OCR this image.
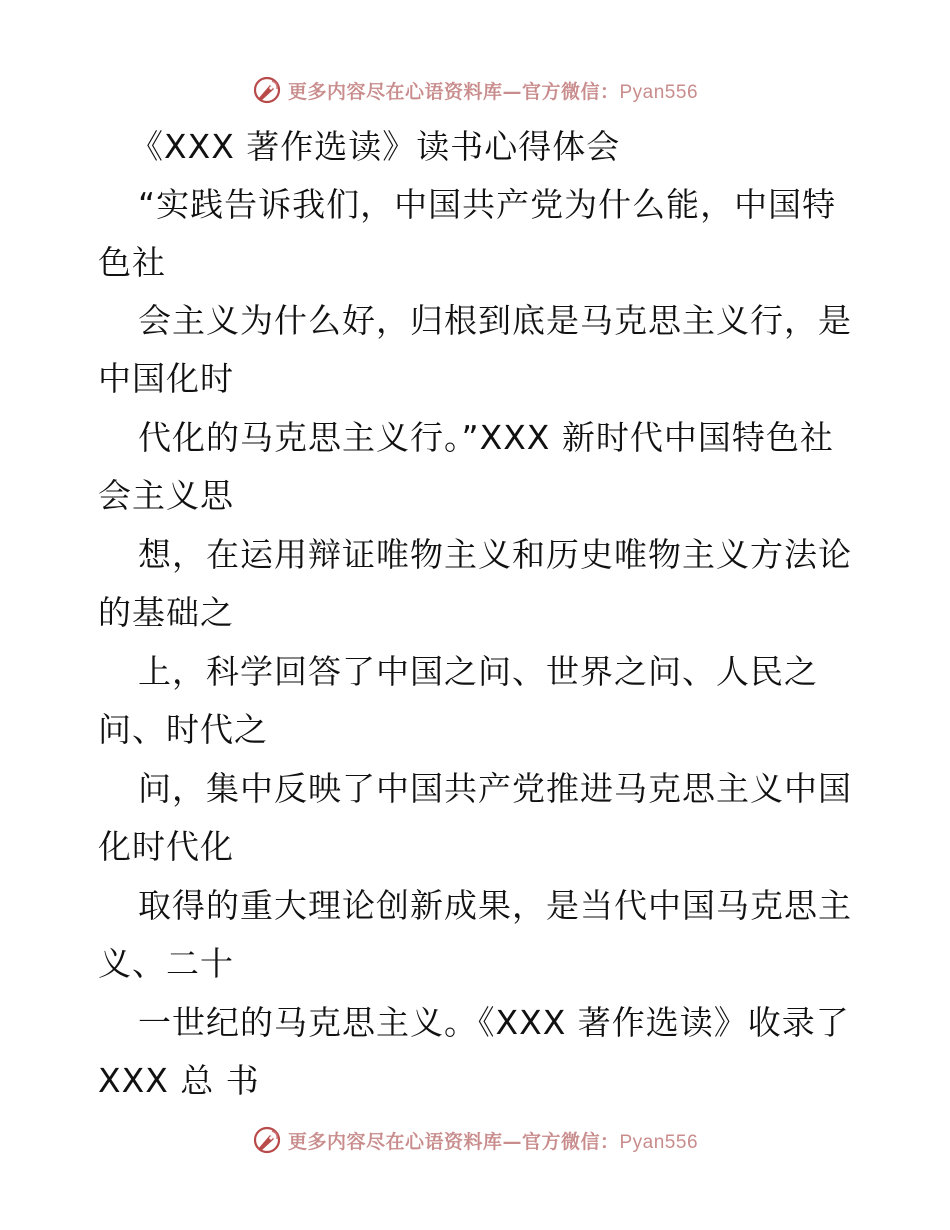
更多内容尽在心语资料库—官方微信：Pyan556
《XXX 著作选读》读书心得体会
“实践告诉我们，中国共产党为什么能，中国特
色社
会主义为什么好，归根到底是马克思主义行，是
中国化时
代化的马克思主义行。”XXX 新时代中国特色社
会主义思
想，在运用辩证唯物主义和历史唯物主义方法论
的基础之
上，科学回答了中国之问、世界之问、人民之
问、时代之
问，集中反映了中国共产党推进马克思主义中国
化时代化
取得的重大理论创新成果，是当代中国马克思主
义、二十
一世纪的马克思主义。《XXX 著作选读》收录了
XXX 总 书
更多内容尽在心语资料库—官方微信：Pyan556
